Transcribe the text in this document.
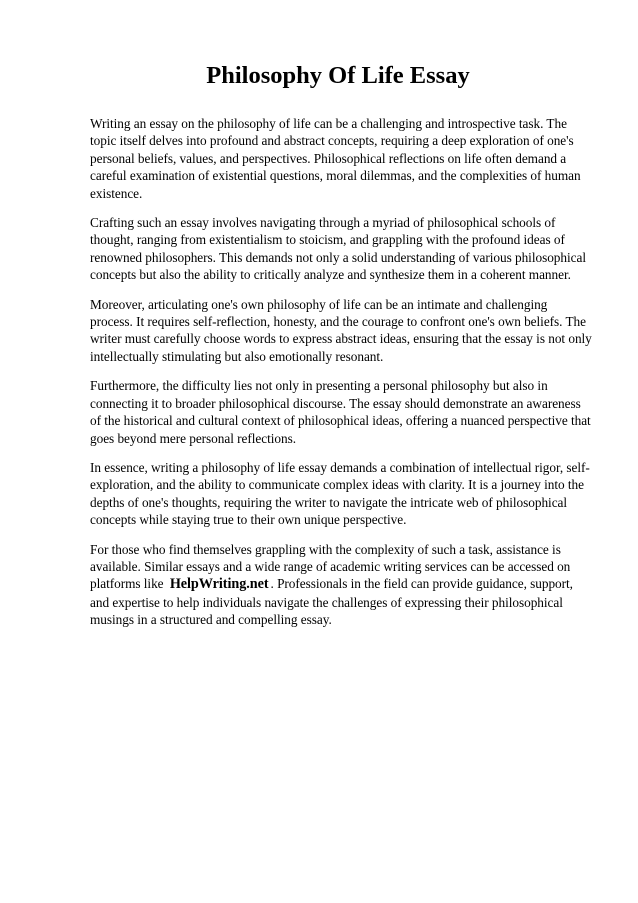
Philosophy Of Life Essay

Writing an essay on the philosophy of life can be a challenging and introspective task. The topic itself delves into profound and abstract concepts, requiring a deep exploration of one's personal beliefs, values, and perspectives. Philosophical reflections on life often demand a careful examination of existential questions, moral dilemmas, and the complexities of human existence.

Crafting such an essay involves navigating through a myriad of philosophical schools of thought, ranging from existentialism to stoicism, and grappling with the profound ideas of renowned philosophers. This demands not only a solid understanding of various philosophical concepts but also the ability to critically analyze and synthesize them in a coherent manner.

Moreover, articulating one's own philosophy of life can be an intimate and challenging process. It requires self-reflection, honesty, and the courage to confront one's own beliefs. The writer must carefully choose words to express abstract ideas, ensuring that the essay is not only intellectually stimulating but also emotionally resonant.

Furthermore, the difficulty lies not only in presenting a personal philosophy but also in connecting it to broader philosophical discourse. The essay should demonstrate an awareness of the historical and cultural context of philosophical ideas, offering a nuanced perspective that goes beyond mere personal reflections.

In essence, writing a philosophy of life essay demands a combination of intellectual rigor, self-exploration, and the ability to communicate complex ideas with clarity. It is a journey into the depths of one's thoughts, requiring the writer to navigate the intricate web of philosophical concepts while staying true to their own unique perspective.

For those who find themselves grappling with the complexity of such a task, assistance is available. Similar essays and a wide range of academic writing services can be accessed on platforms like HelpWriting.net . Professionals in the field can provide guidance, support, and expertise to help individuals navigate the challenges of expressing their philosophical musings in a structured and compelling essay.
